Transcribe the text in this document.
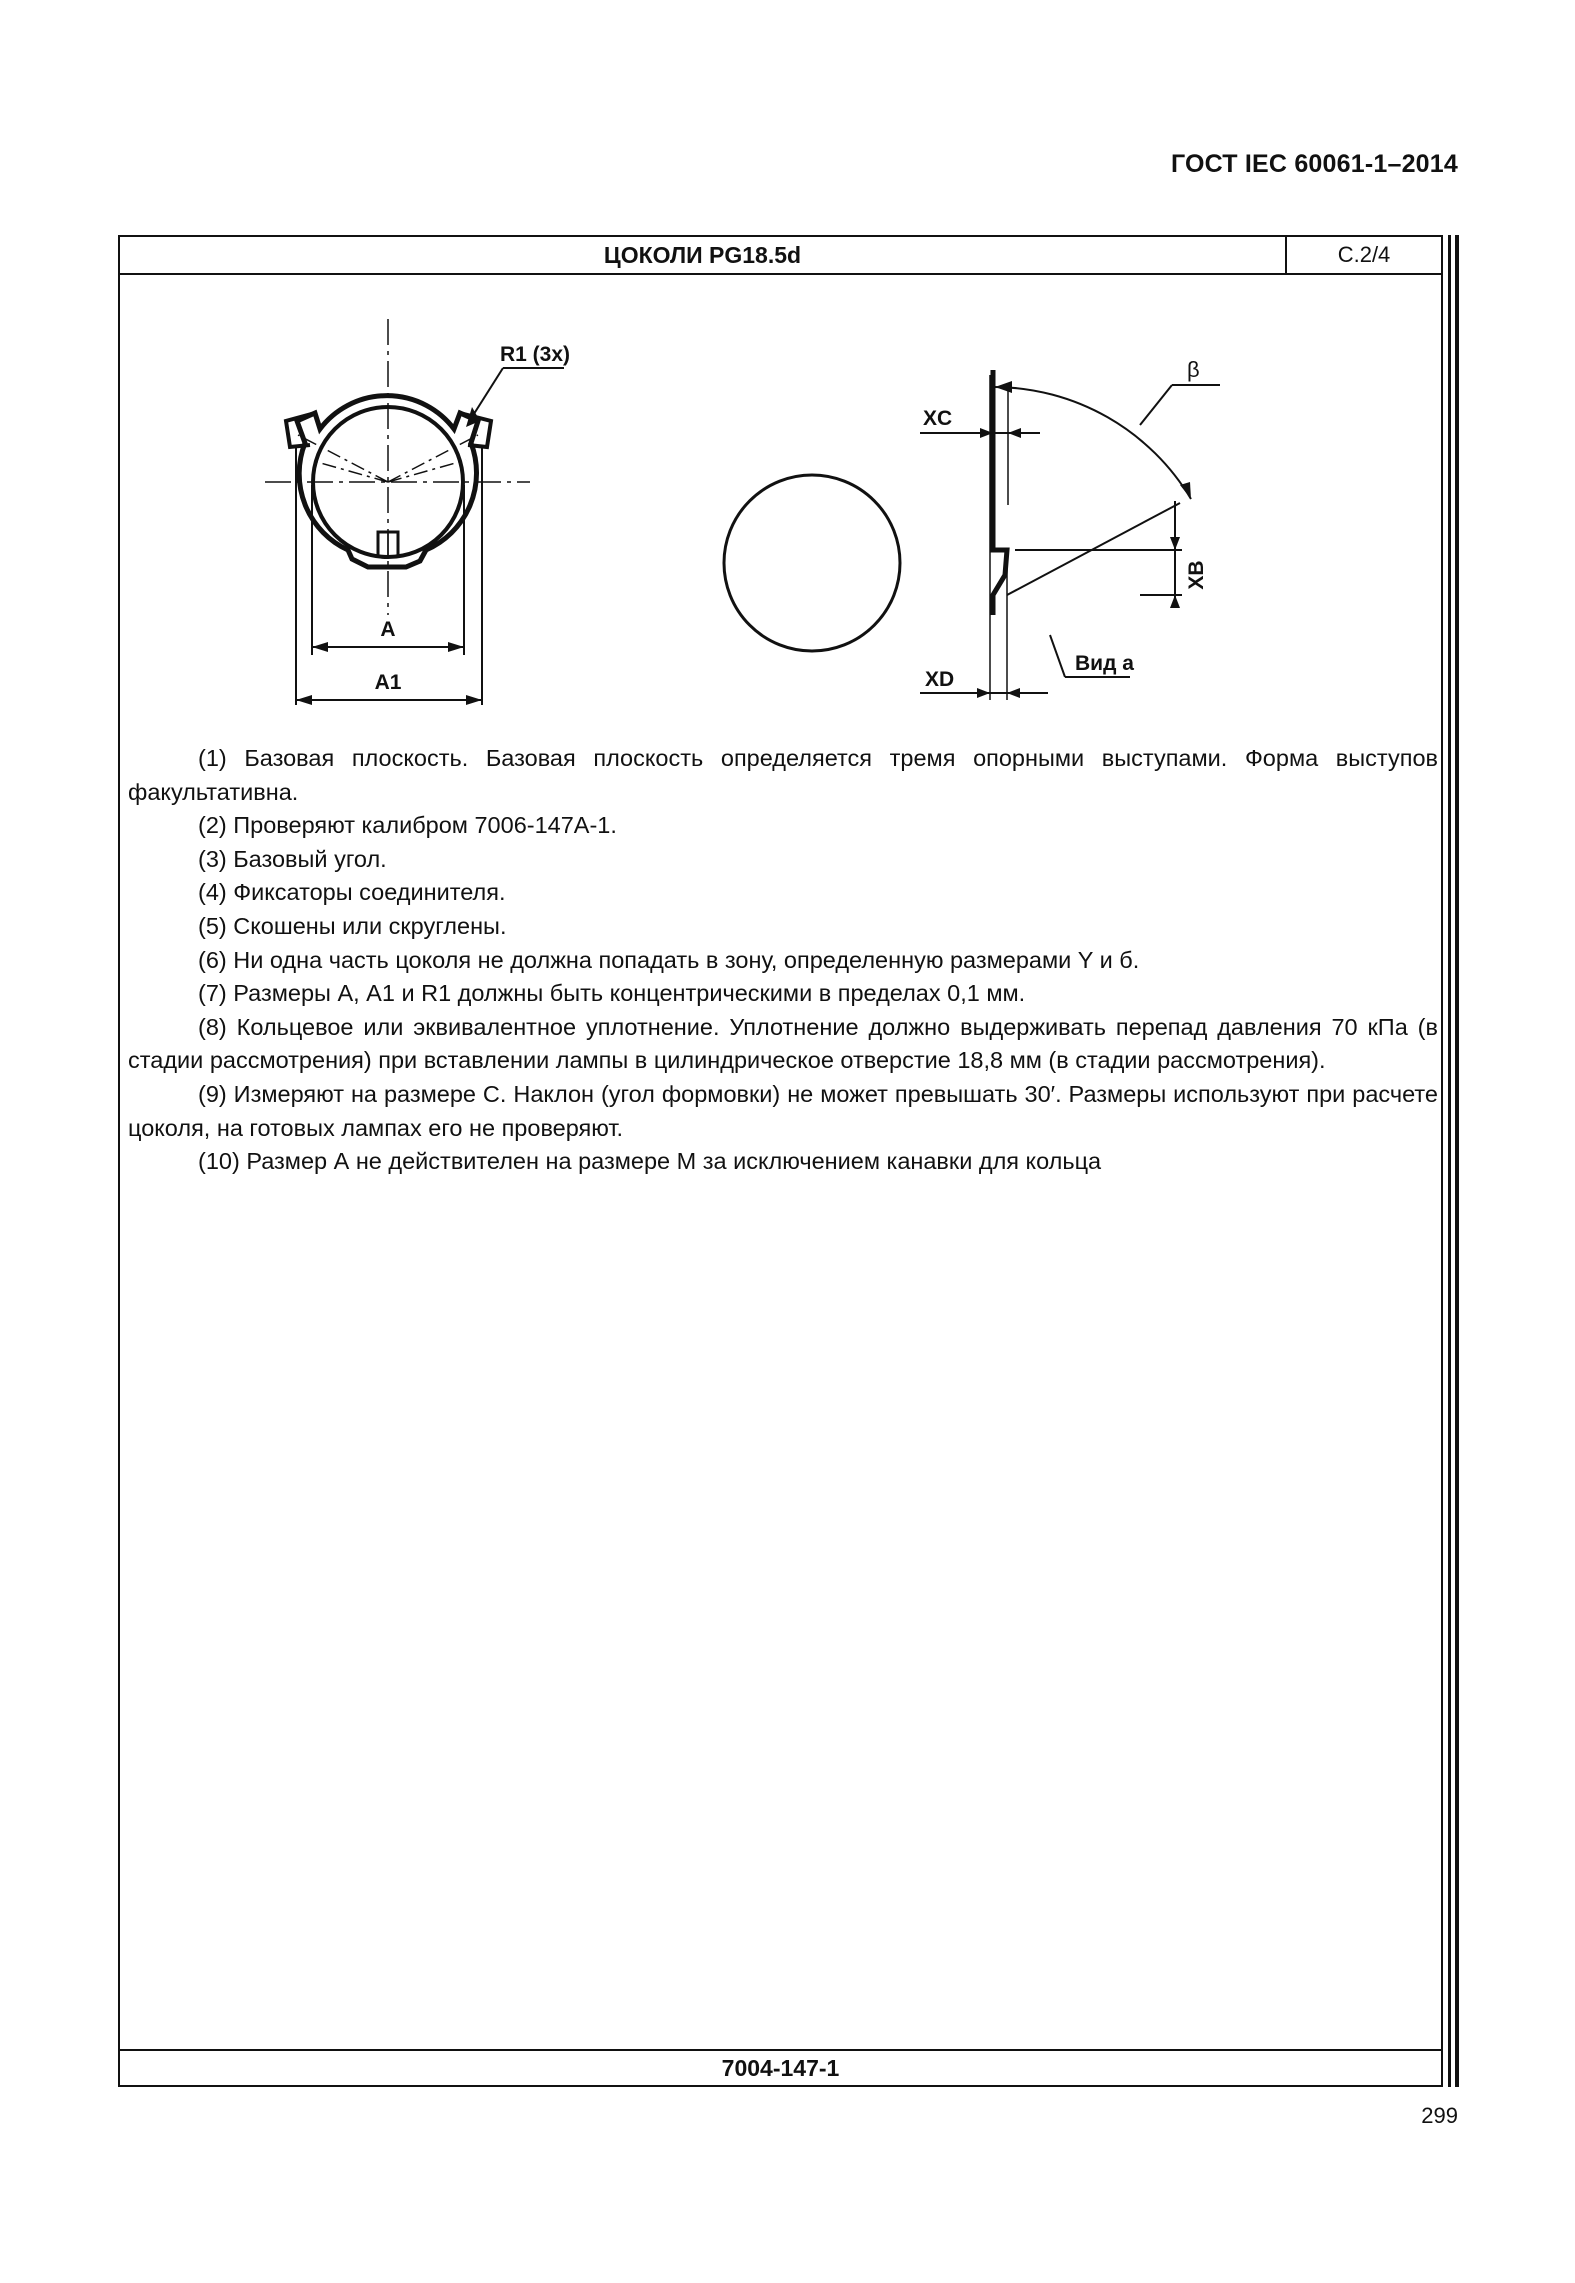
ГОСТ IEC 60061-1–2014
ЦОКОЛИ PG18.5d	С.2/4
R1 (3x)
A
A1
XC
β
XB
XD
Вид а

(1) Базовая плоскость. Базовая плоскость определяется тремя опорными выступами. Форма выступов факультативна.

(2) Проверяют калибром 7006-147А-1.

(3) Базовый угол.

(4) Фиксаторы соединителя.

(5) Скошены или скруглены.

(6) Ни одна часть цоколя не должна попадать в зону, определенную размерами Y и б.

(7) Размеры А, А1 и R1 должны быть концентрическими в пределах 0,1 мм.

(8) Кольцевое или эквивалентное уплотнение. Уплотнение должно выдерживать перепад давления 70 кПа (в стадии рассмотрения) при вставлении лампы в цилиндрическое отверстие 18,8 мм (в стадии рассмотрения).

(9) Измеряют на размере С. Наклон (угол формовки) не может превышать 30′. Размеры используют при расчете цоколя, на готовых лампах его не проверяют.

(10) Размер А не действителен на размере М за исключением канавки для кольца

7004-147-1
299
